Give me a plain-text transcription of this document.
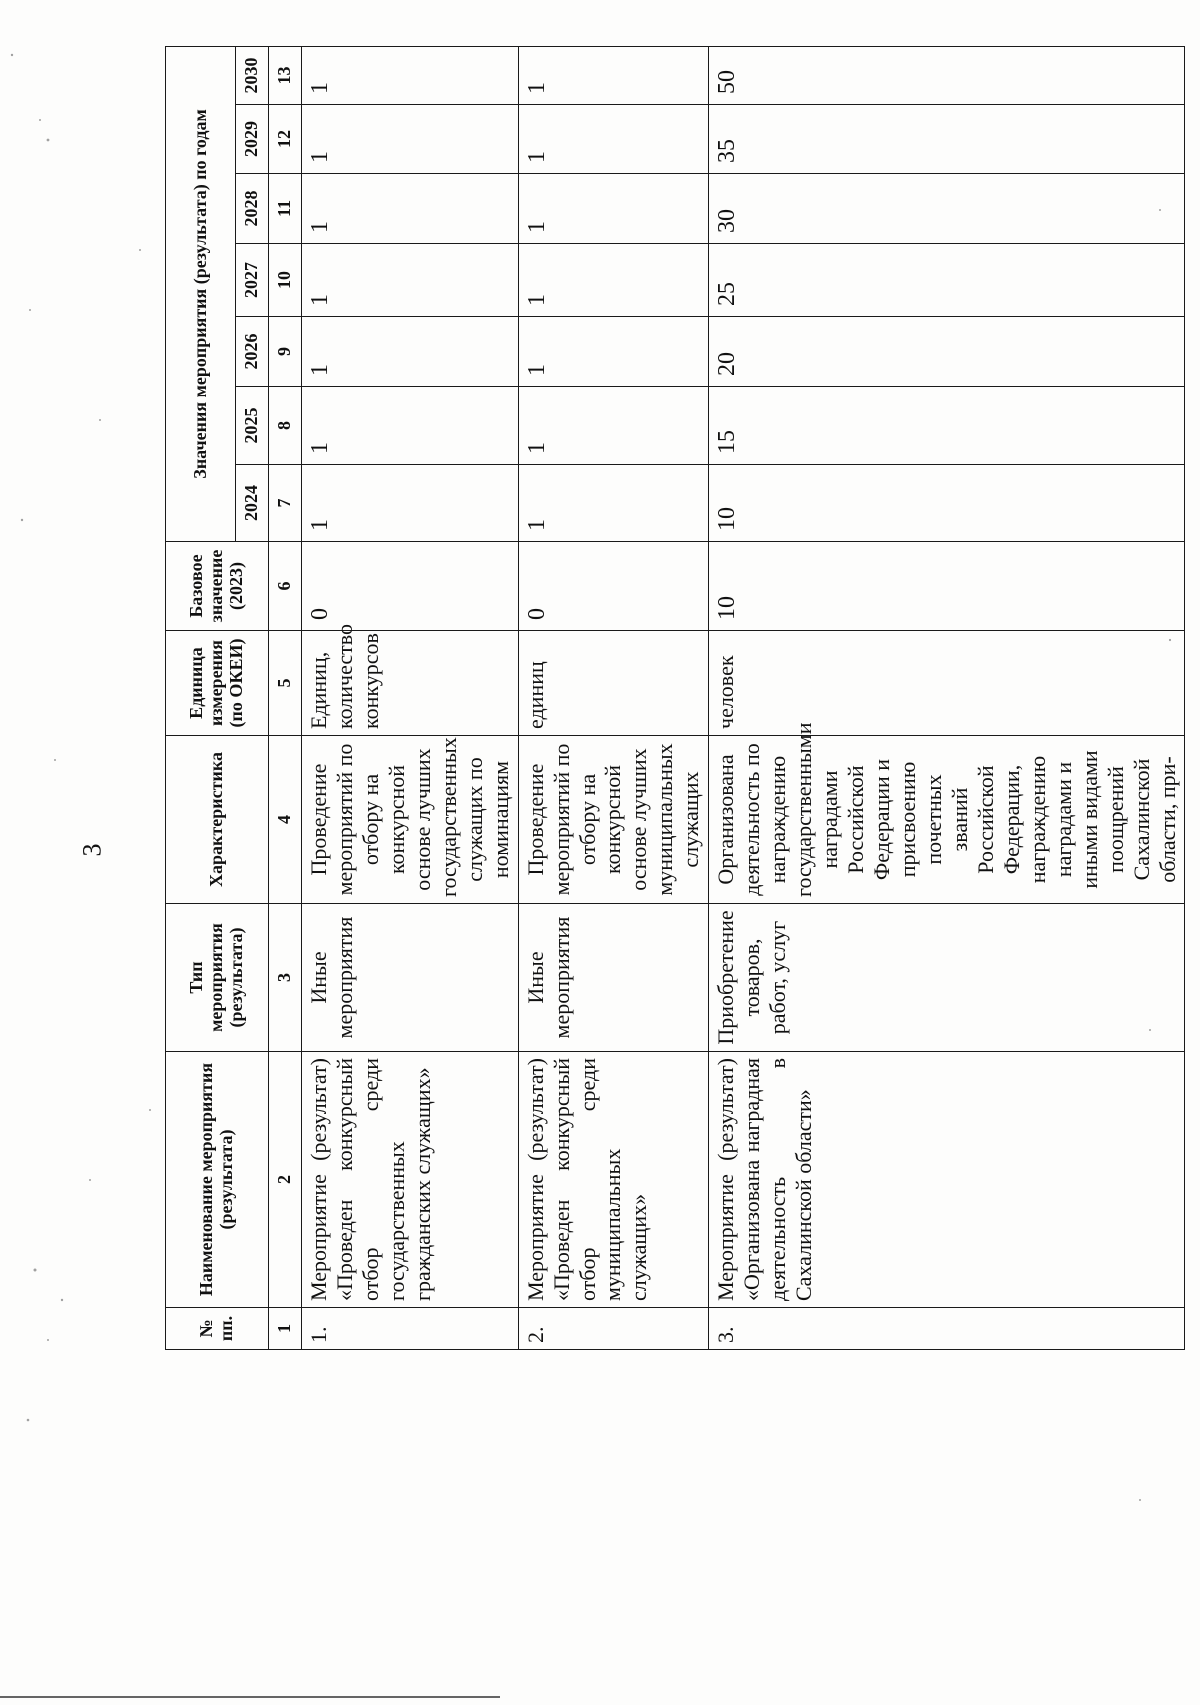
3
№ пп.	Наименование мероприятия (результата)	Тип мероприятия (результата)	Характеристика	Единица измерения (по ОКЕИ)	Базовое значение (2023)	Значения мероприятия (результата) по годам						
						2024	2025	2026	2027	2028	2029	2030
1	2	3	4	5	6	7	8	9	10	11	12	13
1.	Мероприятие (результат) «Проведен конкурсный отбор среди государственных гражданских служащих»	Иные мероприятия	Проведение мероприятий по отбору на конкурсной основе лучших государственных служащих по номинациям	Единиц, количество конкурсов	0	1	1	1	1	1	1	1
2.	Мероприятие (результат) «Проведен конкурсный отбор среди муниципальных служащих»	Иные мероприятия	Проведение мероприятий по отбору на конкурсной основе лучших муниципальных служащих	единиц	0	1	1	1	1	1	1	1
3.	Мероприятие (результат) «Организована наградная деятельность в Сахалинской области»	Приобретение товаров, работ, услуг	Организована деятельность по награждению государственными наградами Российской Федерации и присвоению почетных званий Российской Федерации, награждению наградами и иными видами поощрений Сахалинской области, при-	человек	10	10	15	20	25	30	35	50
